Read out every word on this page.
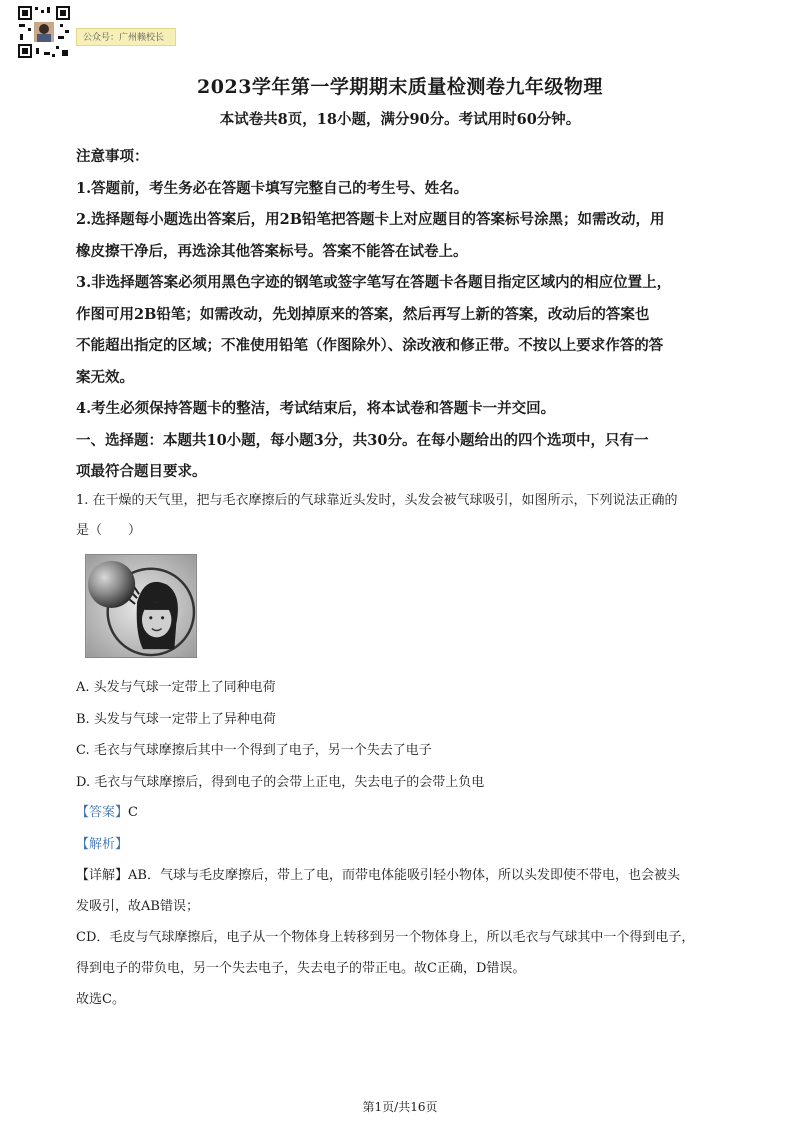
公众号：广州赖校长
2023学年第一学期期末质量检测卷九年级物理
本试卷共8页，18小题，满分90分。考试用时60分钟。

注意事项：

1.答题前，考生务必在答题卡填写完整自己的考生号、姓名。

2.选择题每小题选出答案后，用2B铅笔把答题卡上对应题目的答案标号涂黑；如需改动，用

橡皮擦干净后，再选涂其他答案标号。答案不能答在试卷上。

3.非选择题答案必须用黑色字迹的钢笔或签字笔写在答题卡各题目指定区域内的相应位置上，

作图可用2B铅笔；如需改动，先划掉原来的答案，然后再写上新的答案，改动后的答案也

不能超出指定的区域；不准使用铅笔（作图除外）、涂改液和修正带。不按以上要求作答的答

案无效。

4.考生必须保持答题卡的整洁，考试结束后，将本试卷和答题卡一并交回。

一、选择题：本题共10小题，每小题3分，共30分。在每小题给出的四个选项中，只有一

项最符合题目要求。

1. 在干燥的天气里，把与毛衣摩擦后的气球靠近头发时，头发会被气球吸引，如图所示，下列说法正确的

是（　　）

A. 头发与气球一定带上了同种电荷

B. 头发与气球一定带上了异种电荷

C. 毛衣与气球摩擦后其中一个得到了电子，另一个失去了电子

D. 毛衣与气球摩擦后，得到电子的会带上正电，失去电子的会带上负电

【答案】C

【解析】

【详解】AB．气球与毛皮摩擦后，带上了电，而带电体能吸引轻小物体，所以头发即使不带电，也会被头

发吸引，故AB错误；

CD．毛皮与气球摩擦后，电子从一个物体身上转移到另一个物体身上，所以毛衣与气球其中一个得到电子，

得到电子的带负电，另一个失去电子，失去电子的带正电。故C正确，D错误。

故选C。

第1页/共16页
